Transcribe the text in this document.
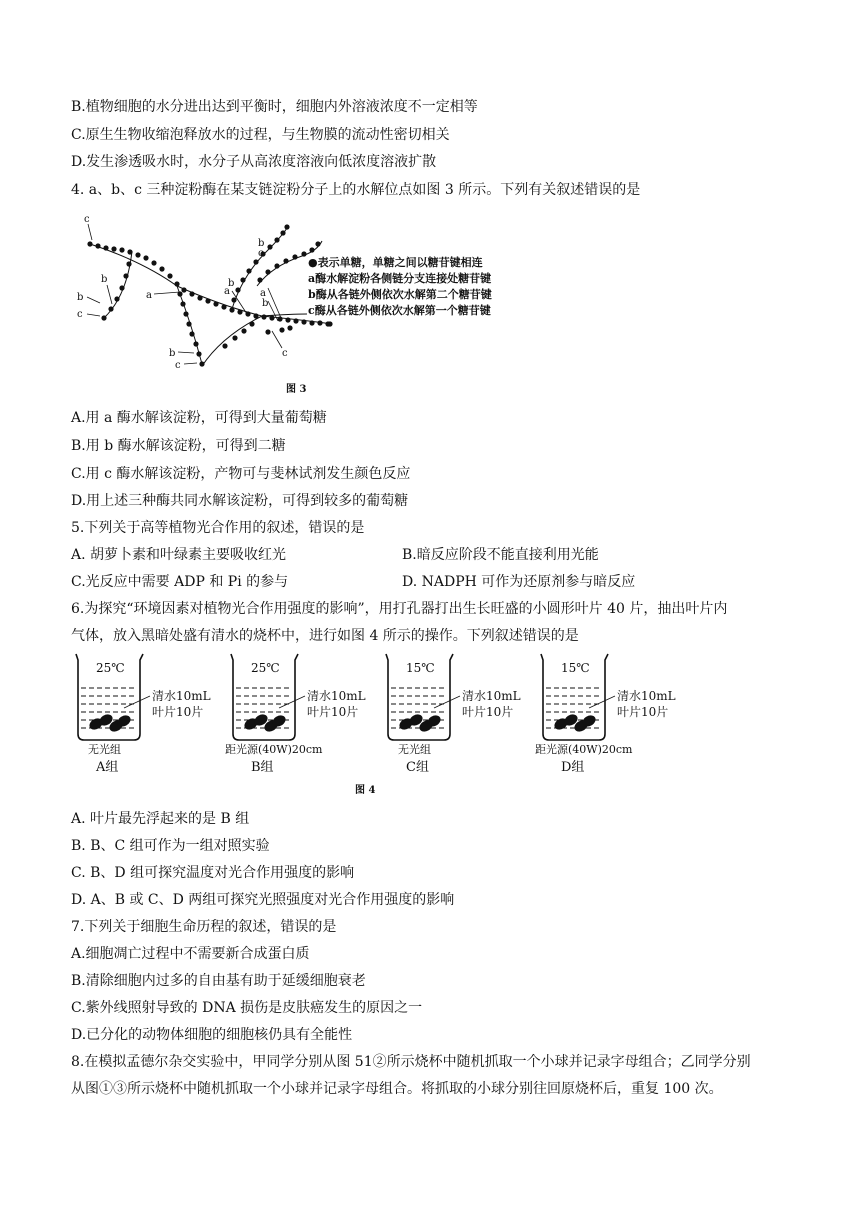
B.植物细胞的水分进出达到平衡时，细胞内外溶液浓度不一定相等
C.原生生物收缩泡释放水的过程，与生物膜的流动性密切相关
D.发生渗透吸水时，水分子从高浓度溶液向低浓度溶液扩散
4. a、b、c 三种淀粉酶在某支链淀粉分子上的水解位点如图 3 所示。下列有关叙述错误的是
c
b
b
c
a
b
c
a
b
b
c
a
b
c
●表示单糖，单糖之间以糖苷键相连
a酶水解淀粉各侧链分支连接处糖苷键
b酶从各链外侧依次水解第二个糖苷键
c酶从各链外侧依次水解第一个糖苷键
图 3
A.用 a 酶水解该淀粉，可得到大量葡萄糖
B.用 b 酶水解该淀粉，可得到二糖
C.用 c 酶水解该淀粉，产物可与斐林试剂发生颜色反应
D.用上述三种酶共同水解该淀粉，可得到较多的葡萄糖
5.下列关于高等植物光合作用的叙述，错误的是
A. 胡萝卜素和叶绿素主要吸收红光	B.暗反应阶段不能直接利用光能
C.光反应中需要 ADP 和 Pi 的参与	D. NADPH 可作为还原剂参与暗反应
6.为探究“环境因素对植物光合作用强度的影响”，用打孔器打出生长旺盛的小圆形叶片 40 片，抽出叶片内
气体，放入黑暗处盛有清水的烧杯中，进行如图 4 所示的操作。下列叙述错误的是
25℃
清水10mL
叶片10片
无光组
A组
25℃
清水10mL
叶片10片
距光源(40W)20cm
B组
15℃
清水10mL
叶片10片
无光组
C组
15℃
清水10mL
叶片10片
距光源(40W)20cm
D组
图 4
A. 叶片最先浮起来的是 B 组
B. B、C 组可作为一组对照实验
C. B、D 组可探究温度对光合作用强度的影响
D. A、B 或 C、D 两组可探究光照强度对光合作用强度的影响
7.下列关于细胞生命历程的叙述，错误的是
A.细胞凋亡过程中不需要新合成蛋白质
B.清除细胞内过多的自由基有助于延缓细胞衰老
C.紫外线照射导致的 DNA 损伤是皮肤癌发生的原因之一
D.已分化的动物体细胞的细胞核仍具有全能性
8.在模拟孟德尔杂交实验中，甲同学分别从图 51②所示烧杯中随机抓取一个小球并记录字母组合；乙同学分别
从图①③所示烧杯中随机抓取一个小球并记录字母组合。将抓取的小球分别往回原烧杯后，重复 100 次。
